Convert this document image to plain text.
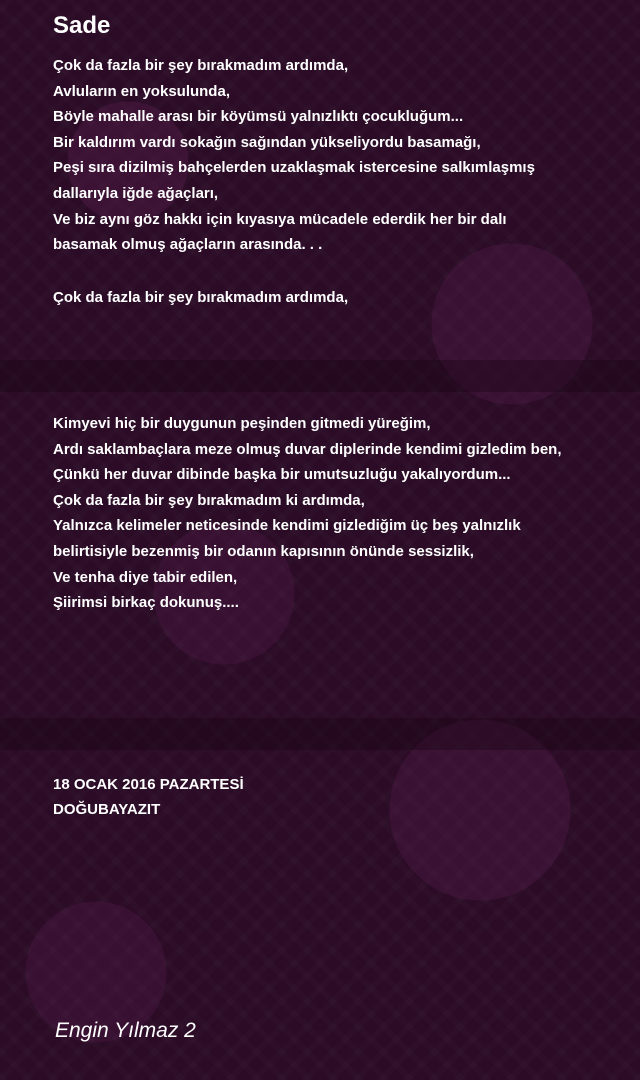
Sade

Çok da fazla bir şey bırakmadım ardımda,

Avluların en yoksulunda,

Böyle mahalle arası bir köyümsü yalnızlıktı çocukluğum...

Bir kaldırım vardı sokağın sağından yükseliyordu basamağı,

Peşi sıra dizilmiş bahçelerden uzaklaşmak istercesine salkımlaşmış

dallarıyla iğde ağaçları,

Ve biz aynı göz hakkı için kıyasıya mücadele ederdik her bir dalı

basamak olmuş ağaçların arasında. . .

Çok da fazla bir şey bırakmadım ardımda,

Kimyevi hiç bir duygunun peşinden gitmedi yüreğim,

Ardı saklambaçlara meze olmuş duvar diplerinde kendimi gizledim ben,

Çünkü her duvar dibinde başka bir umutsuzluğu yakalıyordum...

Çok da fazla bir şey bırakmadım ki ardımda,

Yalnızca kelimeler neticesinde kendimi gizlediğim üç beş yalnızlık

belirtisiyle bezenmiş bir odanın kapısının önünde sessizlik,

Ve tenha diye tabir edilen,

Şiirimsi birkaç dokunuş....

18 OCAK 2016 PAZARTESİ

DOĞUBAYAZIT

Engin Yılmaz 2
